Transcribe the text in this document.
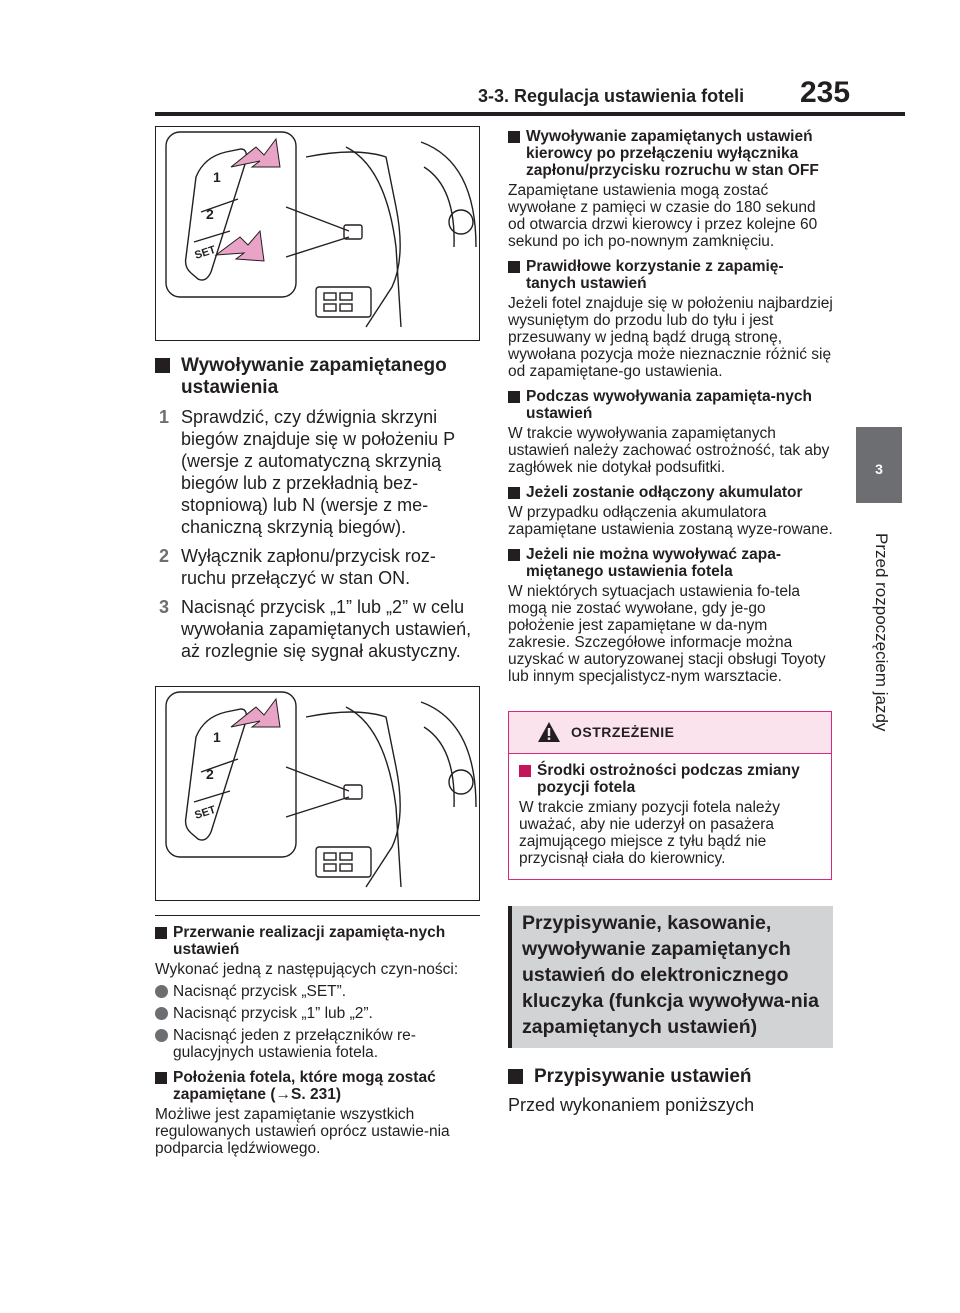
3-3. Regulacja ustawienia foteli 235
3
Przed rozpoczęciem jazdy
1
2
SET
Wywoływanie zapamiętanego ustawienia
1 Sprawdzić, czy dźwignia skrzyni biegów znajduje się w położeniu P (wersje z automatyczną skrzynią biegów lub z przekładnią bez-stopniową) lub N (wersje z me-chaniczną skrzynią biegów).
2 Wyłącznik zapłonu/przycisk roz-ruchu przełączyć w stan ON.
3 Nacisnąć przycisk „1” lub „2” w celu wywołania zapamiętanych ustawień, aż rozlegnie się sygnał akustyczny.
1
2
SET
Przerwanie realizacji zapamięta-nych ustawień
Wykonać jedną z następujących czyn-ności:
Nacisnąć przycisk „SET”.
Nacisnąć przycisk „1” lub „2”.
Nacisnąć jeden z przełączników re-gulacyjnych ustawienia fotela.
Położenia fotela, które mogą zostać zapamiętane (→S. 231)
Możliwe jest zapamiętanie wszystkich regulowanych ustawień oprócz ustawie-nia podparcia lędźwiowego.
Wywoływanie zapamiętanych ustawień kierowcy po przełączeniu wyłącznika zapłonu/przycisku rozruchu w stan OFF
Zapamiętane ustawienia mogą zostać wywołane z pamięci w czasie do 180 sekund od otwarcia drzwi kierowcy i przez kolejne 60 sekund po ich po-nownym zamknięciu.
Prawidłowe korzystanie z zapamię-tanych ustawień
Jeżeli fotel znajduje się w położeniu najbardziej wysuniętym do przodu lub do tyłu i jest przesuwany w jedną bądź drugą stronę, wywołana pozycja może nieznacznie różnić się od zapamiętane-go ustawienia.
Podczas wywoływania zapamięta-nych ustawień
W trakcie wywoływania zapamiętanych ustawień należy zachować ostrożność, tak aby zagłówek nie dotykał podsufitki.
Jeżeli zostanie odłączony akumulator
W przypadku odłączenia akumulatora zapamiętane ustawienia zostaną wyze-rowane.
Jeżeli nie można wywoływać zapa-miętanego ustawienia fotela
W niektórych sytuacjach ustawienia fo-tela mogą nie zostać wywołane, gdy je-go położenie jest zapamiętane w da-nym zakresie. Szczegółowe informacje można uzyskać w autoryzowanej stacji obsługi Toyoty lub innym specjalistycz-nym warsztacie.
OSTRZEŻENIE
Środki ostrożności podczas zmiany pozycji fotela
W trakcie zmiany pozycji fotela należy uważać, aby nie uderzył on pasażera zajmującego miejsce z tyłu bądź nie przycisnął ciała do kierownicy.
Przypisywanie, kasowanie, wywoływanie zapamiętanych ustawień do elektronicznego kluczyka (funkcja wywoływa-nia zapamiętanych ustawień)
Przypisywanie ustawień
Przed wykonaniem poniższych
